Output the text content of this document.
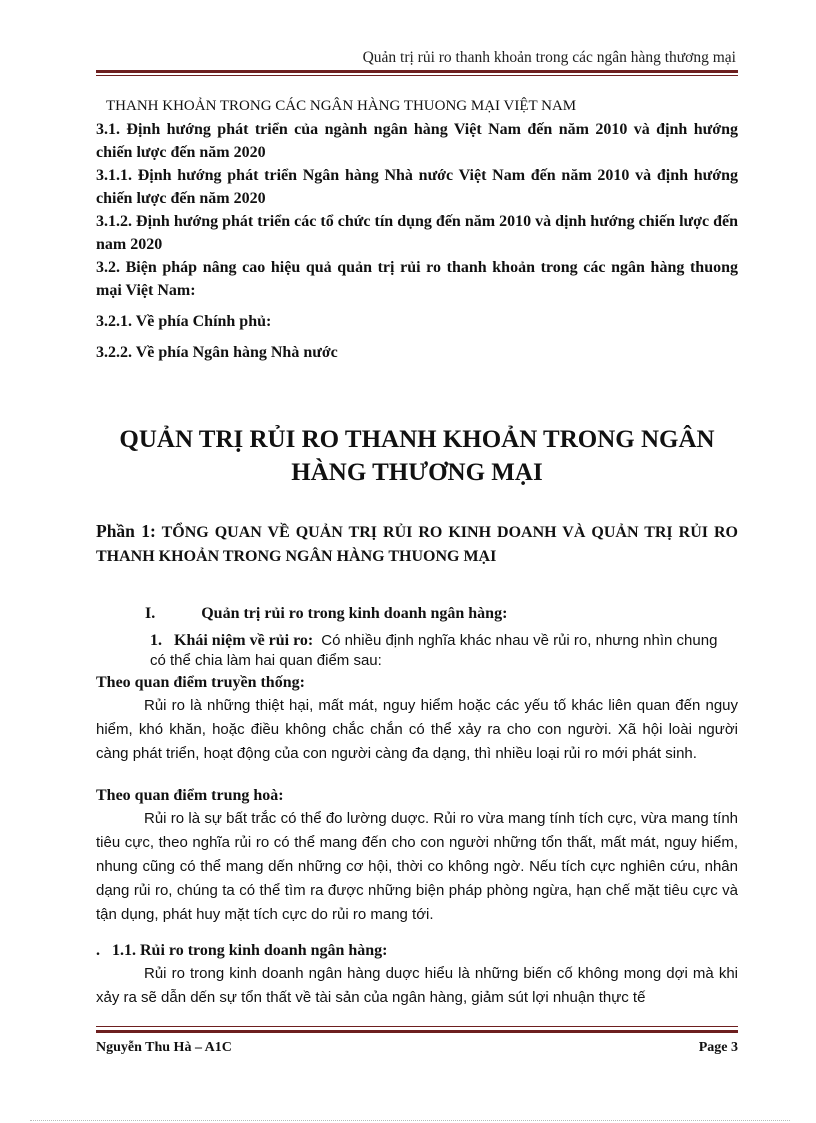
Quản trị rủi ro thanh khoản trong các ngân hàng thương mại

THANH KHOẢN TRONG CÁC NGÂN HÀNG THUONG MẠI VIỆT NAM

3.1. Định hướng phát triển của ngành ngân hàng Việt Nam đến năm 2010 và định hướng chiến lược đến năm 2020

3.1.1. Định hướng phát triển Ngân hàng Nhà nước Việt Nam đến năm 2010 và định hướng chiến lược đến năm 2020

3.1.2. Định hướng phát triển các tổ chức tín dụng đến năm 2010 và dịnh hướng chiến lược đến nam 2020

3.2. Biện pháp nâng cao hiệu quả quản trị rủi ro thanh khoản trong các ngân hàng thuong mại Việt Nam:

3.2.1. Về phía Chính phủ:

3.2.2. Về phía Ngân hàng Nhà nước

QUẢN TRỊ RỦI RO THANH KHOẢN TRONG NGÂN
HÀNG THƯƠNG MẠI
Phần 1: TỔNG QUAN VỀ QUẢN TRỊ RỦI RO KINH DOANH VÀ QUẢN TRỊ RỦI RO THANH KHOẢN TRONG NGÂN HÀNG THUONG MẠI
I.	Quản trị rủi ro trong kinh doanh ngân hàng:
1. Khái niệm về rủi ro: Có nhiều định nghĩa khác nhau về rủi ro, nhưng nhìn chung có thể chia làm hai quan điểm sau:

Theo quan điểm truyền thống:

Rủi ro là những thiệt hại, mất mát, nguy hiểm hoặc các yếu tố khác liên quan đến nguy hiểm, khó khăn, hoặc điều không chắc chắn có thể xảy ra cho con người. Xã hội loài người càng phát triển, hoạt động của con người càng đa dạng, thì nhiều loại rủi ro mới phát sinh.

Theo quan điểm trung hoà:

Rủi ro là sự bất trắc có thể đo lường duợc. Rủi ro vừa mang tính tích cực, vừa mang tính tiêu cực, theo nghĩa rủi ro có thể mang đến cho con người những tổn thất, mất mát, nguy hiểm, nhung cũng có thể mang dến những cơ hội, thời co không ngờ. Nếu tích cực nghiên cứu, nhân dạng rủi ro, chúng ta có thể tìm ra được những biện pháp phòng ngừa, hạn chế mặt tiêu cực và tận dụng, phát huy mặt tích cực do rủi ro mang tới.

. 1.1. Rủi ro trong kinh doanh ngân hàng:

Rủi ro trong kinh doanh ngân hàng duợc hiểu là những biến cố không mong dợi mà khi xảy ra sẽ dẫn dến sự tổn thất về tài sản của ngân hàng, giảm sút lợi nhuận thực tế

Nguyễn Thu Hà – A1C	Page 3
